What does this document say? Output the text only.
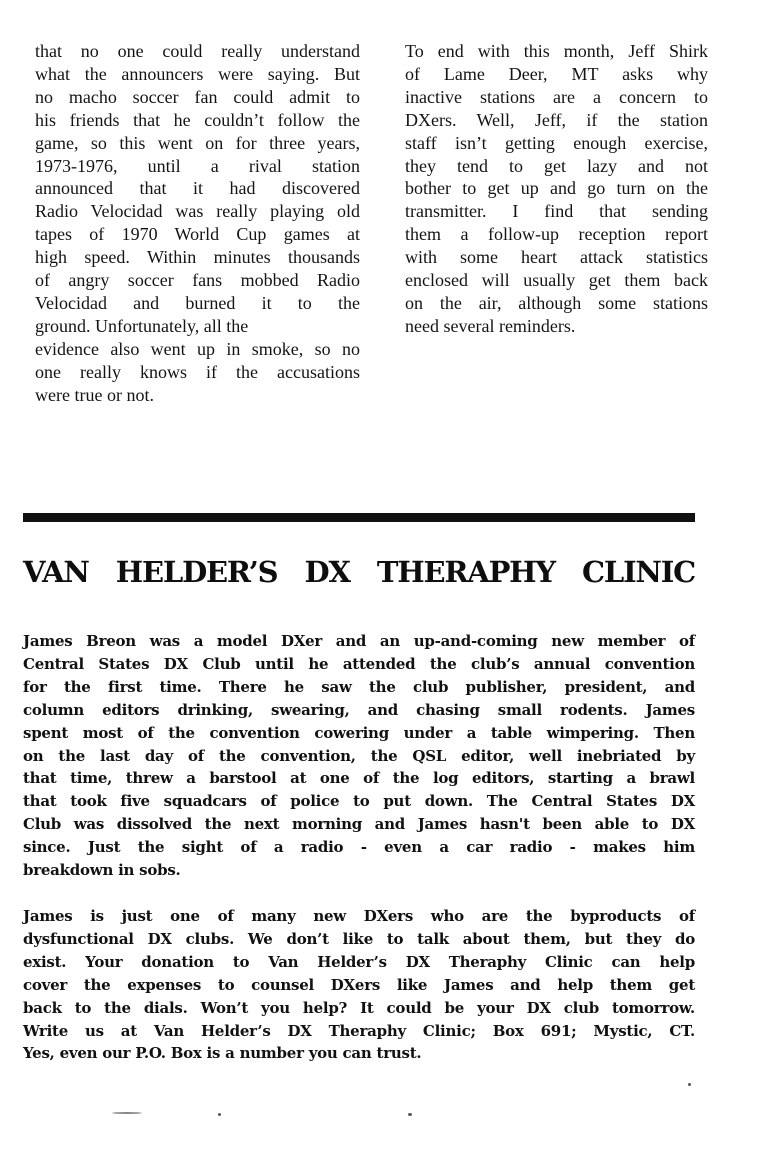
that no one could really understand
what the announcers were saying. But
no macho soccer fan could admit to
his friends that he couldn’t follow the
game, so this went on for three years,
1973-1976, until a rival station
announced that it had discovered
Radio Velocidad was really playing old
tapes of 1970 World Cup games at
high speed. Within minutes thousands
of angry soccer fans mobbed Radio
Velocidad and burned it to the
ground. Unfortunately, all the
evidence also went up in smoke, so no
one really knows if the accusations
were true or not.
To end with this month, Jeff Shirk
of Lame Deer, MT asks why
inactive stations are a concern to
DXers. Well, Jeff, if the station
staff isn’t getting enough exercise,
they tend to get lazy and not
bother to get up and go turn on the
transmitter. I find that sending
them a follow-up reception report
with some heart attack statistics
enclosed will usually get them back
on the air, although some stations
need several reminders.
VAN HELDER’S DX THERAPHY CLINIC
James Breon was a model DXer and an up-and-coming new member of
Central States DX Club until he attended the club’s annual convention
for the first time. There he saw the club publisher, president, and
column editors drinking, swearing, and chasing small rodents. James
spent most of the convention cowering under a table wimpering. Then
on the last day of the convention, the QSL editor, well inebriated by
that time, threw a barstool at one of the log editors, starting a brawl
that took five squadcars of police to put down. The Central States DX
Club was dissolved the next morning and James hasn't been able to DX
since. Just the sight of a radio - even a car radio - makes him
breakdown in sobs.
James is just one of many new DXers who are the byproducts of
dysfunctional DX clubs. We don’t like to talk about them, but they do
exist. Your donation to Van Helder’s DX Theraphy Clinic can help
cover the expenses to counsel DXers like James and help them get
back to the dials. Won’t you help? It could be your DX club tomorrow.
Write us at Van Helder’s DX Theraphy Clinic; Box 691; Mystic, CT.
Yes, even our P.O. Box is a number you can trust.
